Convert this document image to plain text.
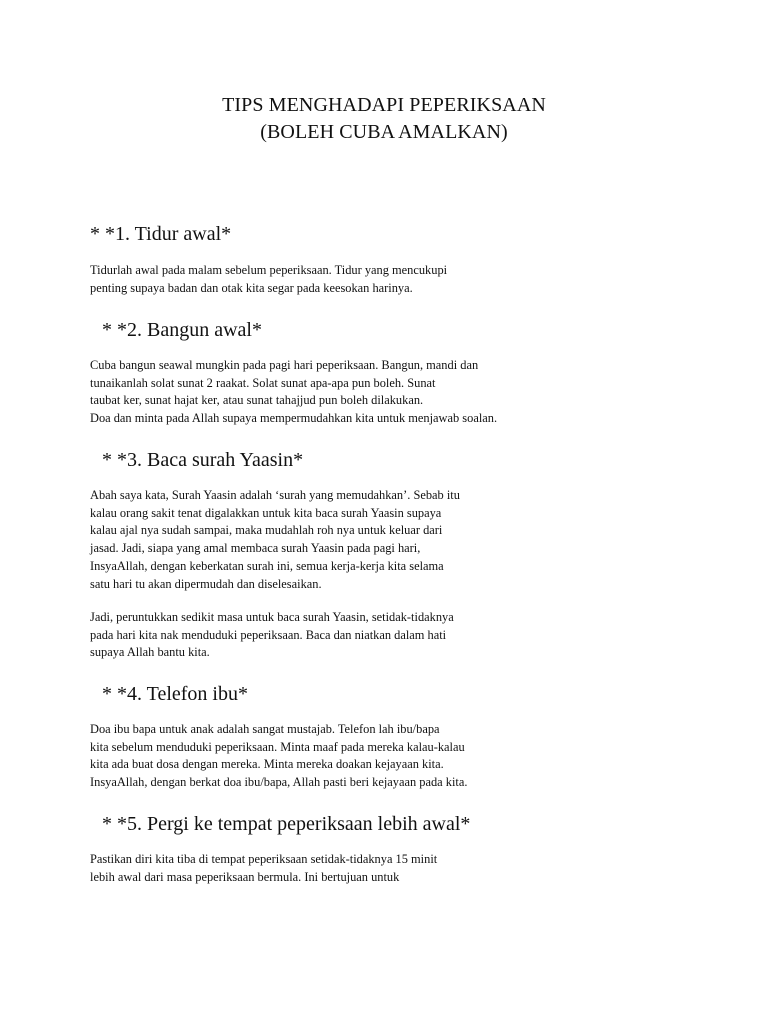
TIPS MENGHADAPI PEPERIKSAAN
(BOLEH CUBA AMALKAN)
* *1. Tidur awal*

Tidurlah awal pada malam sebelum peperiksaan. Tidur yang mencukupi
penting supaya badan dan otak kita segar pada keesokan harinya.

* *2. Bangun awal*

Cuba bangun seawal mungkin pada pagi hari peperiksaan. Bangun, mandi dan
tunaikanlah solat sunat 2 raakat. Solat sunat apa-apa pun boleh. Sunat
taubat ker, sunat hajat ker, atau sunat tahajjud pun boleh dilakukan.
Doa dan minta pada Allah supaya mempermudahkan kita untuk menjawab soalan.

* *3. Baca surah Yaasin*

Abah saya kata, Surah Yaasin adalah ‘surah yang memudahkan’. Sebab itu
kalau orang sakit tenat digalakkan untuk kita baca surah Yaasin supaya
kalau ajal nya sudah sampai, maka mudahlah roh nya untuk keluar dari
jasad. Jadi, siapa yang amal membaca surah Yaasin pada pagi hari,
InsyaAllah, dengan keberkatan surah ini, semua kerja-kerja kita selama
satu hari tu akan dipermudah dan diselesaikan.

Jadi, peruntukkan sedikit masa untuk baca surah Yaasin, setidak-tidaknya
pada hari kita nak menduduki peperiksaan. Baca dan niatkan dalam hati
supaya Allah bantu kita.

* *4. Telefon ibu*

Doa ibu bapa untuk anak adalah sangat mustajab. Telefon lah ibu/bapa
kita sebelum menduduki peperiksaan. Minta maaf pada mereka kalau-kalau
kita ada buat dosa dengan mereka. Minta mereka doakan kejayaan kita.
InsyaAllah, dengan berkat doa ibu/bapa, Allah pasti beri kejayaan pada kita.

* *5. Pergi ke tempat peperiksaan lebih awal*

Pastikan diri kita tiba di tempat peperiksaan setidak-tidaknya 15 minit
lebih awal dari masa peperiksaan bermula. Ini bertujuan untuk
